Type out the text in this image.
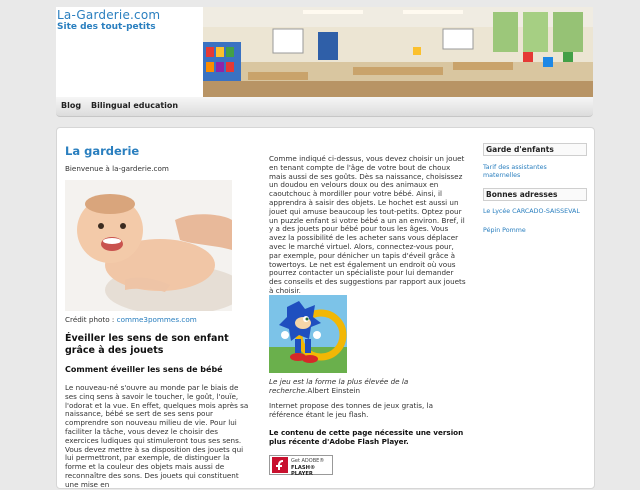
La-Garderie.com
Site des tout-petits
Blog Bilingual education
La garderie
Bienvenue à la-garderie.com
Crédit photo : comme3pommes.com
Éveiller les sens de son enfant grâce à des jouets
Comment éveiller les sens de bébé
Le nouveau-né s'ouvre au monde par le biais de ses cinq sens à savoir le toucher, le goût, l'ouïe, l'odorat et la vue. En effet, quelques mois après sa naissance, bébé se sert de ses sens pour comprendre son nouveau milieu de vie. Pour lui faciliter la tâche, vous devez le choisir des exercices ludiques qui stimuleront tous ses sens. Vous devez mettre à sa disposition des jouets qui lui permettront, par exemple, de distinguer la forme et la couleur des objets mais aussi de reconnaître des sons. Des jouets qui constituent une mise en
Comme indiqué ci-dessus, vous devez choisir un jouet en tenant compte de l'âge de votre bout de choux mais aussi de ses goûts. Dès sa naissance, choisissez un doudou en velours doux ou des animaux en caoutchouc à mordiller pour votre bébé. Ainsi, il apprendra à saisir des objets. Le hochet est aussi un jouet qui amuse beaucoup les tout-petits. Optez pour un puzzle enfant si votre bébé a un an environ. Bref, il y a des jouets pour bébé pour tous les âges. Vous avez la possibilité de les acheter sans vous déplacer avec le marché virtuel. Alors, connectez-vous pour, par exemple, pour dénicher un tapis d'éveil grâce à towertoys. Le net est également un endroit où vous pourrez contacter un spécialiste pour lui demander des conseils et des suggestions par rapport aux jouets à choisir.
Le jeu est la forme la plus élevée de la recherche.Albert Einstein
Internet propose des tonnes de jeux gratis, la référence étant le jeu flash.
Le contenu de cette page nécessite une version plus récente d'Adobe Flash Player.
Get ADOBE®
FLASH® PLAYER
Garde d'enfants
Tarif des assistantes maternelles
Bonnes adresses
Le Lycée CARCADO-SAISSEVAL
Pépin Pomme
